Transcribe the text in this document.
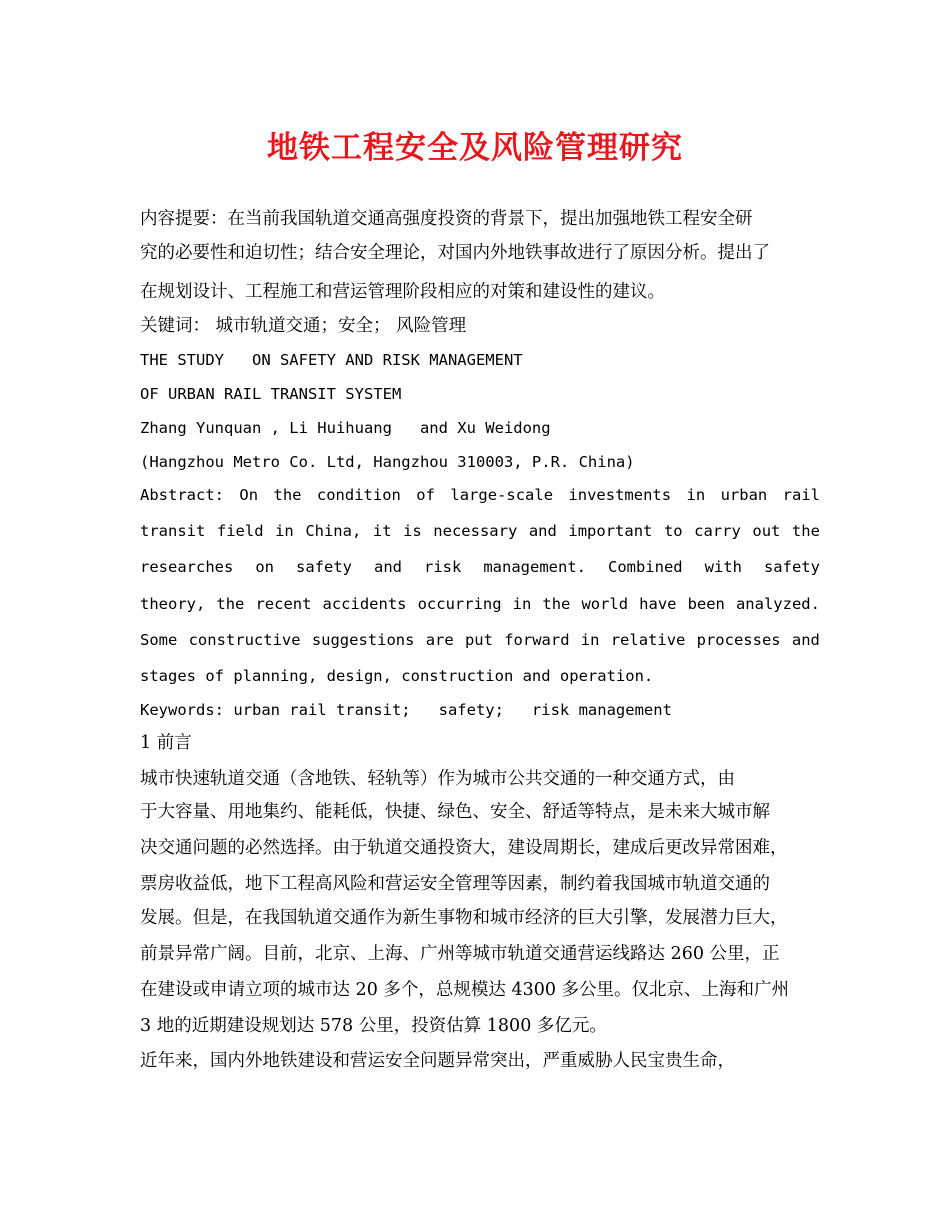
地铁工程安全及风险管理研究
内容提要：在当前我国轨道交通高强度投资的背景下，提出加强地铁工程安全研
究的必要性和迫切性；结合安全理论，对国内外地铁事故进行了原因分析。提出了
在规划设计、工程施工和营运管理阶段相应的对策和建设性的建议。
关键词： 城市轨道交通；安全； 风险管理
THE STUDY   ON SAFETY AND RISK MANAGEMENT
OF URBAN RAIL TRANSIT SYSTEM
Zhang Yunquan , Li Huihuang   and Xu Weidong
(Hangzhou Metro Co. Ltd, Hangzhou 310003, P.R. China)
Abstract: On the condition of large-scale investments in urban rail
transit field in China, it is necessary and important to carry out the
researches on safety and risk management. Combined with safety
theory, the recent accidents occurring in the world have been analyzed.
Some constructive suggestions are put forward in relative processes and
stages of planning, design, construction and operation.
Keywords: urban rail transit;   safety;   risk management
1 前言
城市快速轨道交通（含地铁、轻轨等）作为城市公共交通的一种交通方式，由
于大容量、用地集约、能耗低，快捷、绿色、安全、舒适等特点，是未来大城市解
决交通问题的必然选择。由于轨道交通投资大，建设周期长，建成后更改异常困难，
票房收益低，地下工程高风险和营运安全管理等因素，制约着我国城市轨道交通的
发展。但是，在我国轨道交通作为新生事物和城市经济的巨大引擎，发展潜力巨大，
前景异常广阔。目前，北京、上海、广州等城市轨道交通营运线路达 260 公里，正
在建设或申请立项的城市达 20 多个，总规模达 4300 多公里。仅北京、上海和广州
3 地的近期建设规划达 578 公里，投资估算 1800 多亿元。
近年来，国内外地铁建设和营运安全问题异常突出，严重威胁人民宝贵生命，
